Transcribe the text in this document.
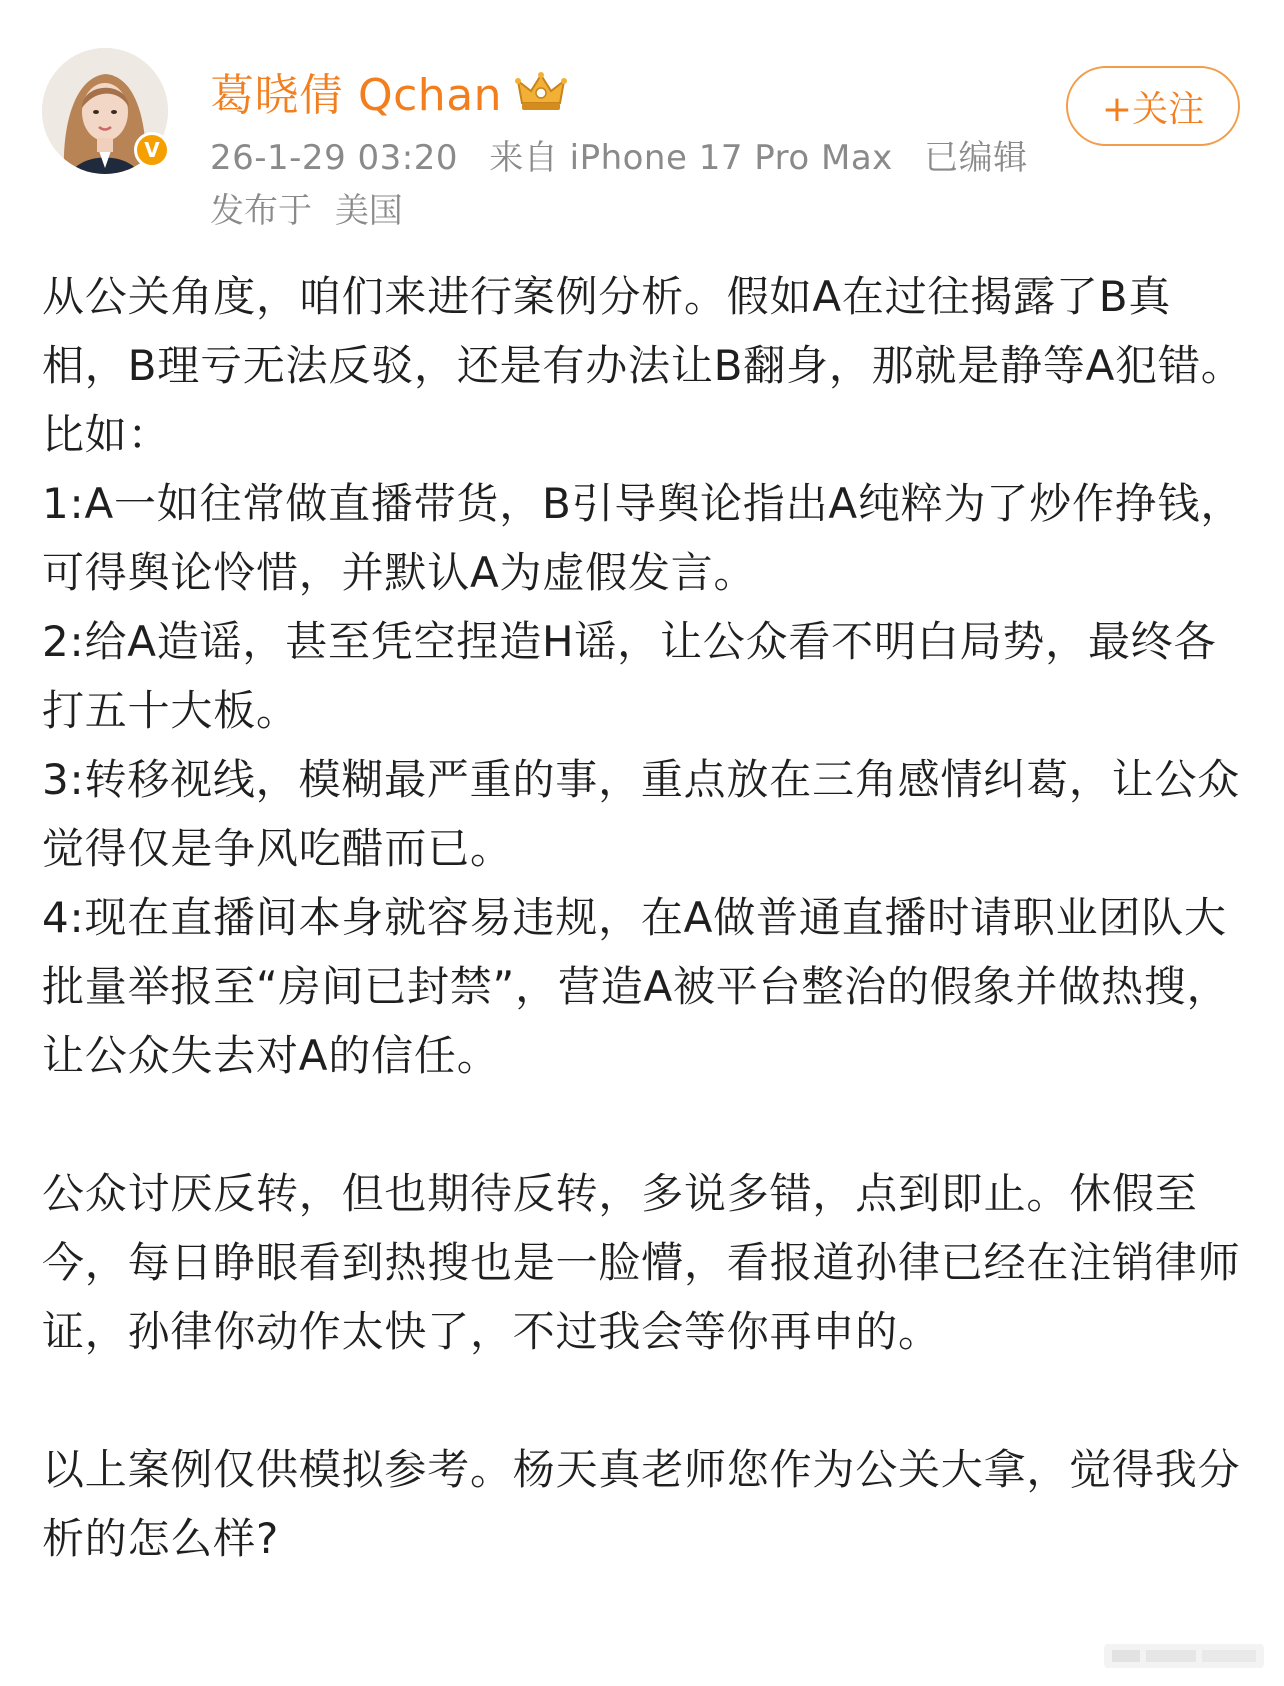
V
葛晓倩 Qchan
26-1-29 03:20 来自 iPhone 17 Pro Max 已编辑
发布于 美国
+关注

从公关角度，咱们来进行案例分析。假如A在过往揭露了B真相，B理亏无法反驳，还是有办法让B翻身，那就是静等A犯错。比如：

1:A一如往常做直播带货，B引导舆论指出A纯粹为了炒作挣钱，可得舆论怜惜，并默认A为虚假发言。

2:给A造谣，甚至凭空捏造H谣，让公众看不明白局势，最终各打五十大板。

3:转移视线，模糊最严重的事，重点放在三角感情纠葛，让公众觉得仅是争风吃醋而已。

4:现在直播间本身就容易违规，在A做普通直播时请职业团队大批量举报至“房间已封禁”，营造A被平台整治的假象并做热搜，让公众失去对A的信任。

公众讨厌反转，但也期待反转，多说多错，点到即止。休假至今，每日睁眼看到热搜也是一脸懵，看报道孙律已经在注销律师证，孙律你动作太快了，不过我会等你再申的。

以上案例仅供模拟参考。杨天真老师您作为公关大拿，觉得我分析的怎么样?
